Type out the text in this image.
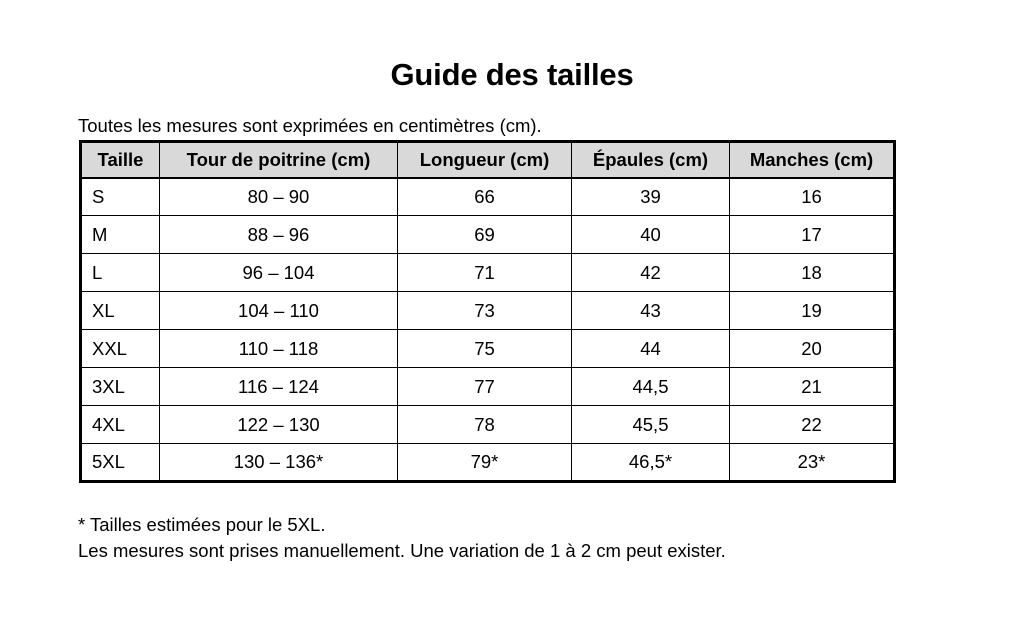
Guide des tailles
Toutes les mesures sont exprimées en centimètres (cm).
Taille	Tour de poitrine (cm)	Longueur (cm)	Épaules (cm)	Manches (cm)
S	80 – 90	66	39	16
M	88 – 96	69	40	17
L	96 – 104	71	42	18
XL	104 – 110	73	43	19
XXL	110 – 118	75	44	20
3XL	116 – 124	77	44,5	21
4XL	122 – 130	78	45,5	22
5XL	130 – 136*	79*	46,5*	23*
* Tailles estimées pour le 5XL.
Les mesures sont prises manuellement. Une variation de 1 à 2 cm peut exister.
